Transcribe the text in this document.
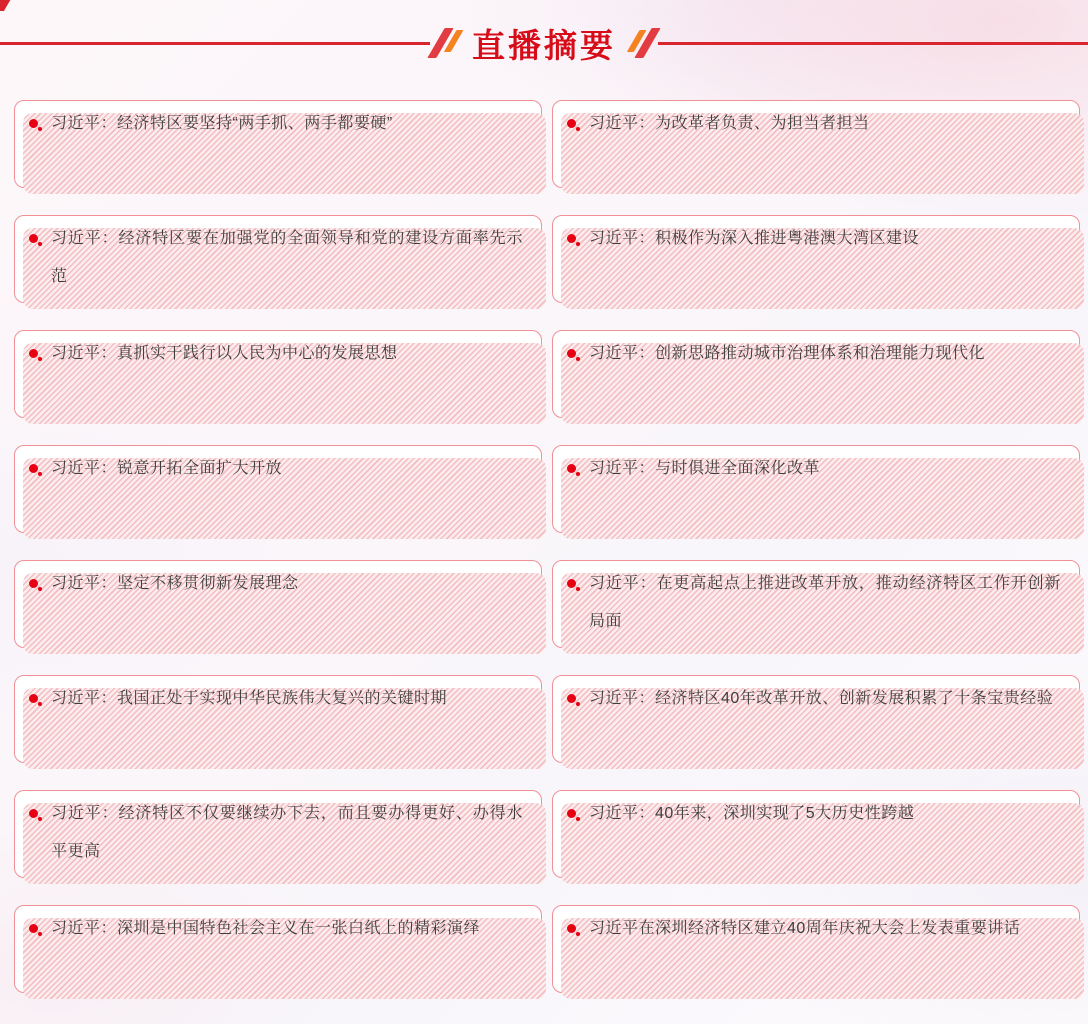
直播摘要
习近平：经济特区要坚持“两手抓、两手都要硬”	习近平：为改革者负责、为担当者担当
习近平：经济特区要在加强党的全面领导和党的建设方面率先示范
习近平：积极作为深入推进粤港澳大湾区建设
习近平：真抓实干践行以人民为中心的发展思想	习近平：创新思路推动城市治理体系和治理能力现代化
习近平：锐意开拓全面扩大开放	习近平：与时俱进全面深化改革
习近平：坚定不移贯彻新发展理念	习近平：在更高起点上推进改革开放，推动经济特区工作开创新局面
习近平：我国正处于实现中华民族伟大复兴的关键时期	习近平：经济特区40年改革开放、创新发展积累了十条宝贵经验
习近平：经济特区不仅要继续办下去，而且要办得更好、办得水平更高
习近平：40年来，深圳实现了5大历史性跨越
习近平：深圳是中国特色社会主义在一张白纸上的精彩演绎	习近平在深圳经济特区建立40周年庆祝大会上发表重要讲话
